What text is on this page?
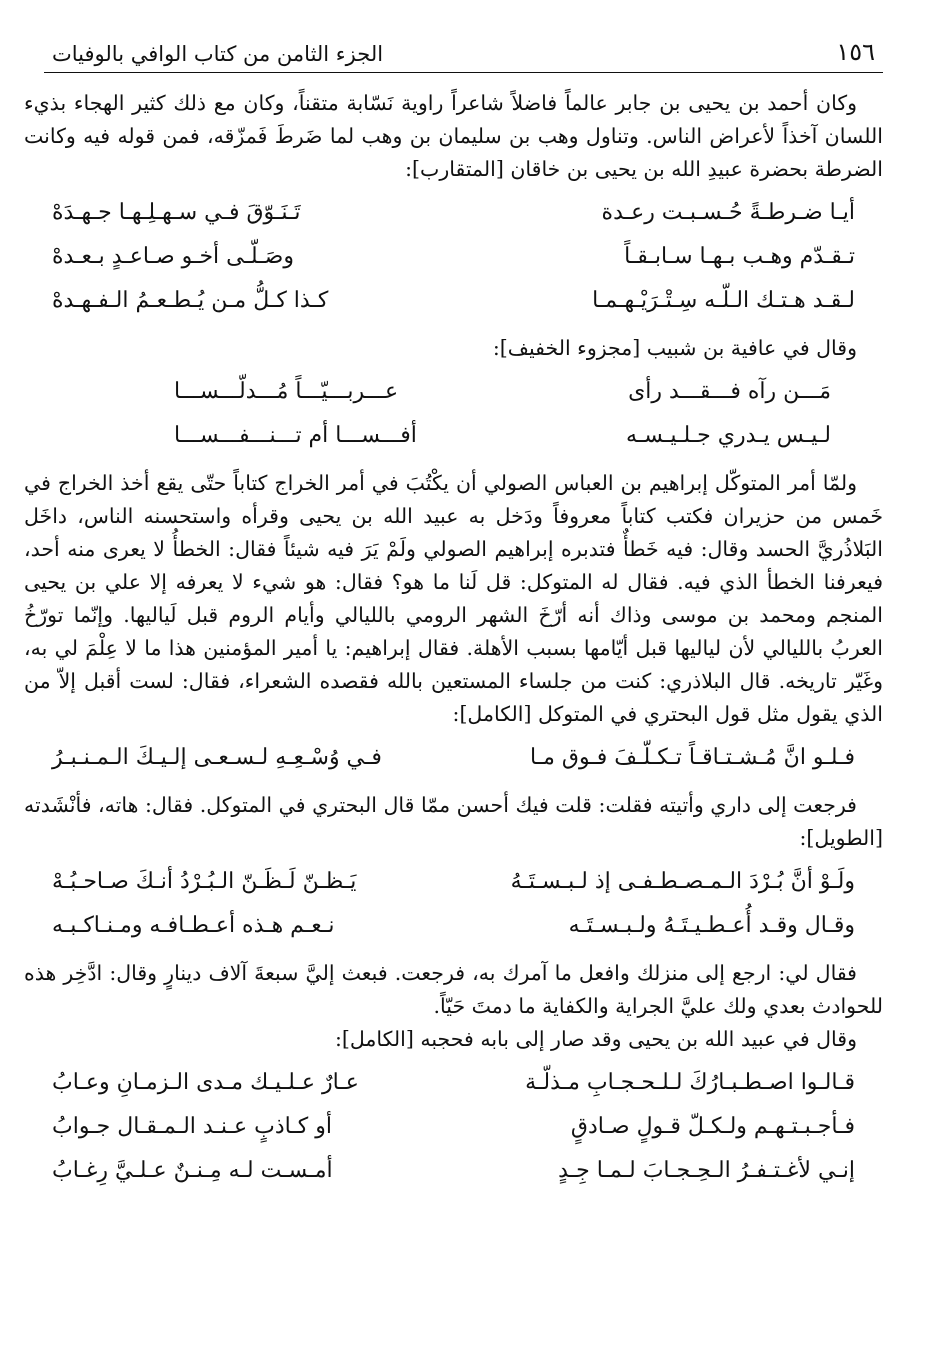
١٥٦
الجزء الثامن من كتاب الوافي بالوفيات

وكان أحمد بن يحيى بن جابر عالماً فاضلاً شاعراً راوية نَسّابة متقناً، وكان مع ذلك كثير الهجاء بذيء اللسان آخذاً لأعراض الناس. وتناول وهب بن سليمان بن وهب لما ضَرطَ فَمزّقه، فمن قوله فيه وكانت الضرطة بحضرة عبيدِ الله بن يحيى بن خاقان [المتقارب]:

أيـا ضـرطـةً حُـسـبـت رعـدة
تَـنَـوّقَ فـي سـهـلِـهـا جـهـدَهْ
تـقـدّم وهـب بـهـا سـابـقـاً
وصَـلّـى أخـو صـاعـدٍ بـعـدهْ
لـقـد هـتـك الـلّـه سِـتْـرَيْـهـمـا
كـذا كـلُّ مـن يُـطـعـمُ الـفـهـدهْ

وقال في عافية بن شبيب [مجزوء الخفيف]:

مَـــن رآه فـــقـــد رأى
عـــربـــيّـــاً مُـــدلّـــســـا
لـيـس يـدري جـلـيـسـه
أفـــســـا أم تـــنـــفـــســـا

ولمّا أمر المتوكّل إبراهيم بن العباس الصولي أن يكْتُبَ في أمر الخراج كتاباً حتّى يقع أخذ الخراج في خَمس من حزيران فكتب كتاباً معروفاً ودَخل به عبيد الله بن يحيى وقرأه واستحسنه الناس، داخَل البَلاذُريَّ الحسد وقال: فيه خَطأٌ فتدبره إبراهيم الصولي ولَمْ يَرَ فيه شيئاً فقال: الخطأُ لا يعرى منه أحد، فيعرفنا الخطأ الذي فيه. فقال له المتوكل: قل لَنا ما هو؟ فقال: هو شيء لا يعرفه إلا علي بن يحيى المنجم ومحمد بن موسى وذاك أنه أرّخَ الشهر الرومي بالليالي وأيام الروم قبل لَياليها. وإنّما تورّخُ العربُ بالليالي لأن لياليها قبل أيّامها بسبب الأهلة. فقال إبراهيم: يا أمير المؤمنين هذا ما لا عِلْمَ لي به، وغَيّر تاريخه. قال البلاذري: كنت من جلساء المستعين بالله فقصده الشعراء، فقال: لست أقبل إلاّ من الذي يقول مثل قول البحتري في المتوكل [الكامل]:

فـلـو انَّ مُـشـتـاقـاً تـكـلّـفَ فـوق مـا
فـي وُسْـعِـهِ لـسـعـى إلـيـكَ الـمـنـبـرُ

فرجعت إلى داري وأتيته فقلت: قلت فيك أحسن ممّا قال البحتري في المتوكل. فقال: هاته، فأنْشَدته [الطويل]:

ولَـوْ أنَّ بُـرْدَ الـمـصـطـفـى إذ لـبـسـتَـهُ
يَـظـنّ لَـظَـنّ الـبُـرْدُ أنـكَ صـاحـبُـهْ
وقـال وقـد أُعـطـيـتَـهُ ولـبـسـتَـه
نـعـم هـذه أعـطـافـه ومـنـاكـبـه

فقال لي: ارجع إلى منزلك وافعل ما آمرك به، فرجعت. فبعث إليَّ سبعةَ آلاف دينارٍ وقال: ادَّخِر هذه للحوادث بعدي ولك عليَّ الجراية والكفاية ما دمتَ حَيّاً.

وقال في عبيد الله بن يحيى وقد صار إلى بابه فحجبه [الكامل]:

قـالـوا اصـطـبـارُكَ لـلـحـجـابِ مـذلّـة
عـارٌ عـلـيـك مـدى الـزمـانِ وعـابُ
فـأجـبـتـهـم ولـكـلّ قـولٍ صـادقٍ
أو كـاذبٍ عـنـد الـمـقـال جـوابُ
إنـي لأغـتـفـرُ الـحِـجـابَ لـمـا جِـدٍ
أمـسـت لـه مِـنـنٌ عـلـيَّ رِغـابُ
